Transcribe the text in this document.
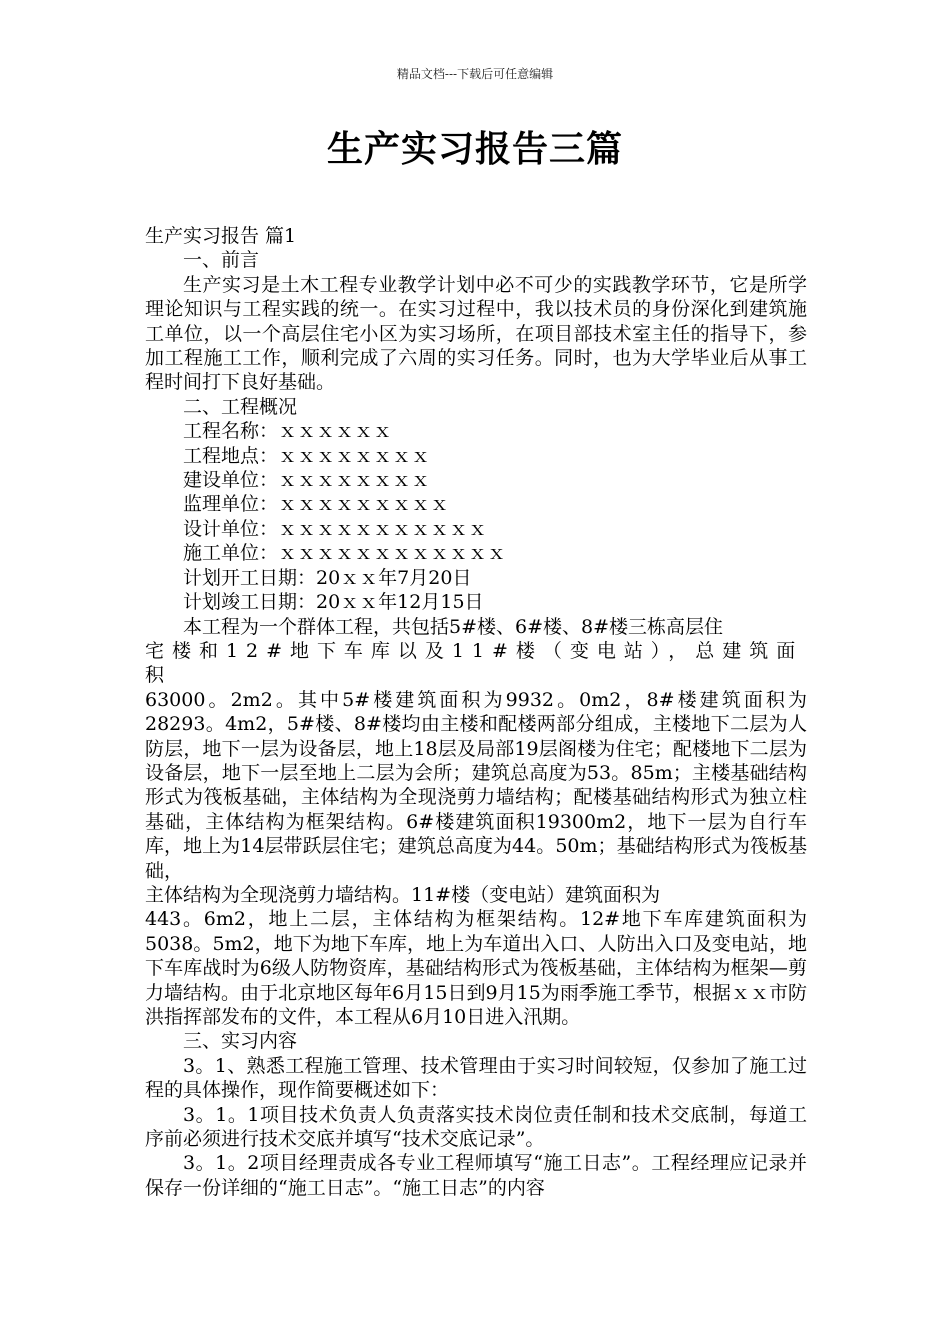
精品文档---下载后可任意编辑
生产实习报告三篇

生产实习报告 篇1

一、前言

生产实习是土木工程专业教学计划中必不可少的实践教学环节，它是所学理论知识与工程实践的统一。在实习过程中，我以技术员的身份深化到建筑施工单位，以一个高层住宅小区为实习场所，在项目部技术室主任的指导下，参加工程施工工作，顺利完成了六周的实习任务。同时，也为大学毕业后从事工程时间打下良好基础。

二、工程概况

工程名称：ｘｘｘｘｘｘ

工程地点：ｘｘｘｘｘｘｘｘ

建设单位：ｘｘｘｘｘｘｘｘ

监理单位：ｘｘｘｘｘｘｘｘｘ

设计单位：ｘｘｘｘｘｘｘｘｘｘｘ

施工单位：ｘｘｘｘｘｘｘｘｘｘｘｘ

计划开工日期：20ｘｘ年7月20日

计划竣工日期：20ｘｘ年12月15日

本工程为一个群体工程，共包括5#楼、6#楼、8#楼三栋高层住

宅楼和12#地下车库以及11#楼（变电站），总建筑面积

63000。2m2。其中5#楼建筑面积为9932。0m2，8#楼建筑面积为28293。4m2，5#楼、8#楼均由主楼和配楼两部分组成，主楼地下二层为人防层，地下一层为设备层，地上18层及局部19层阁楼为住宅；配楼地下二层为设备层，地下一层至地上二层为会所；建筑总高度为53。85m；主楼基础结构形式为筏板基础，主体结构为全现浇剪力墙结构；配楼基础结构形式为独立柱基础，主体结构为框架结构。6#楼建筑面积19300m2，地下一层为自行车库，地上为14层带跃层住宅；建筑总高度为44。50m；基础结构形式为筏板基础，

主体结构为全现浇剪力墙结构。11#楼（变电站）建筑面积为

443。6m2，地上二层，主体结构为框架结构。12#地下车库建筑面积为5038。5m2，地下为地下车库，地上为车道出入口、人防出入口及变电站，地下车库战时为6级人防物资库，基础结构形式为筏板基础，主体结构为框架—剪力墙结构。由于北京地区每年6月15日到9月15为雨季施工季节，根据ｘｘ市防洪指挥部发布的文件，本工程从6月10日进入汛期。

三、实习内容

3。1、熟悉工程施工管理、技术管理由于实习时间较短，仅参加了施工过程的具体操作，现作简要概述如下：

3。1。1项目技术负责人负责落实技术岗位责任制和技术交底制，每道工序前必须进行技术交底并填写“技术交底记录”。

3。1。2项目经理责成各专业工程师填写“施工日志”。工程经理应记录并保存一份详细的“施工日志”。“施工日志”的内容
